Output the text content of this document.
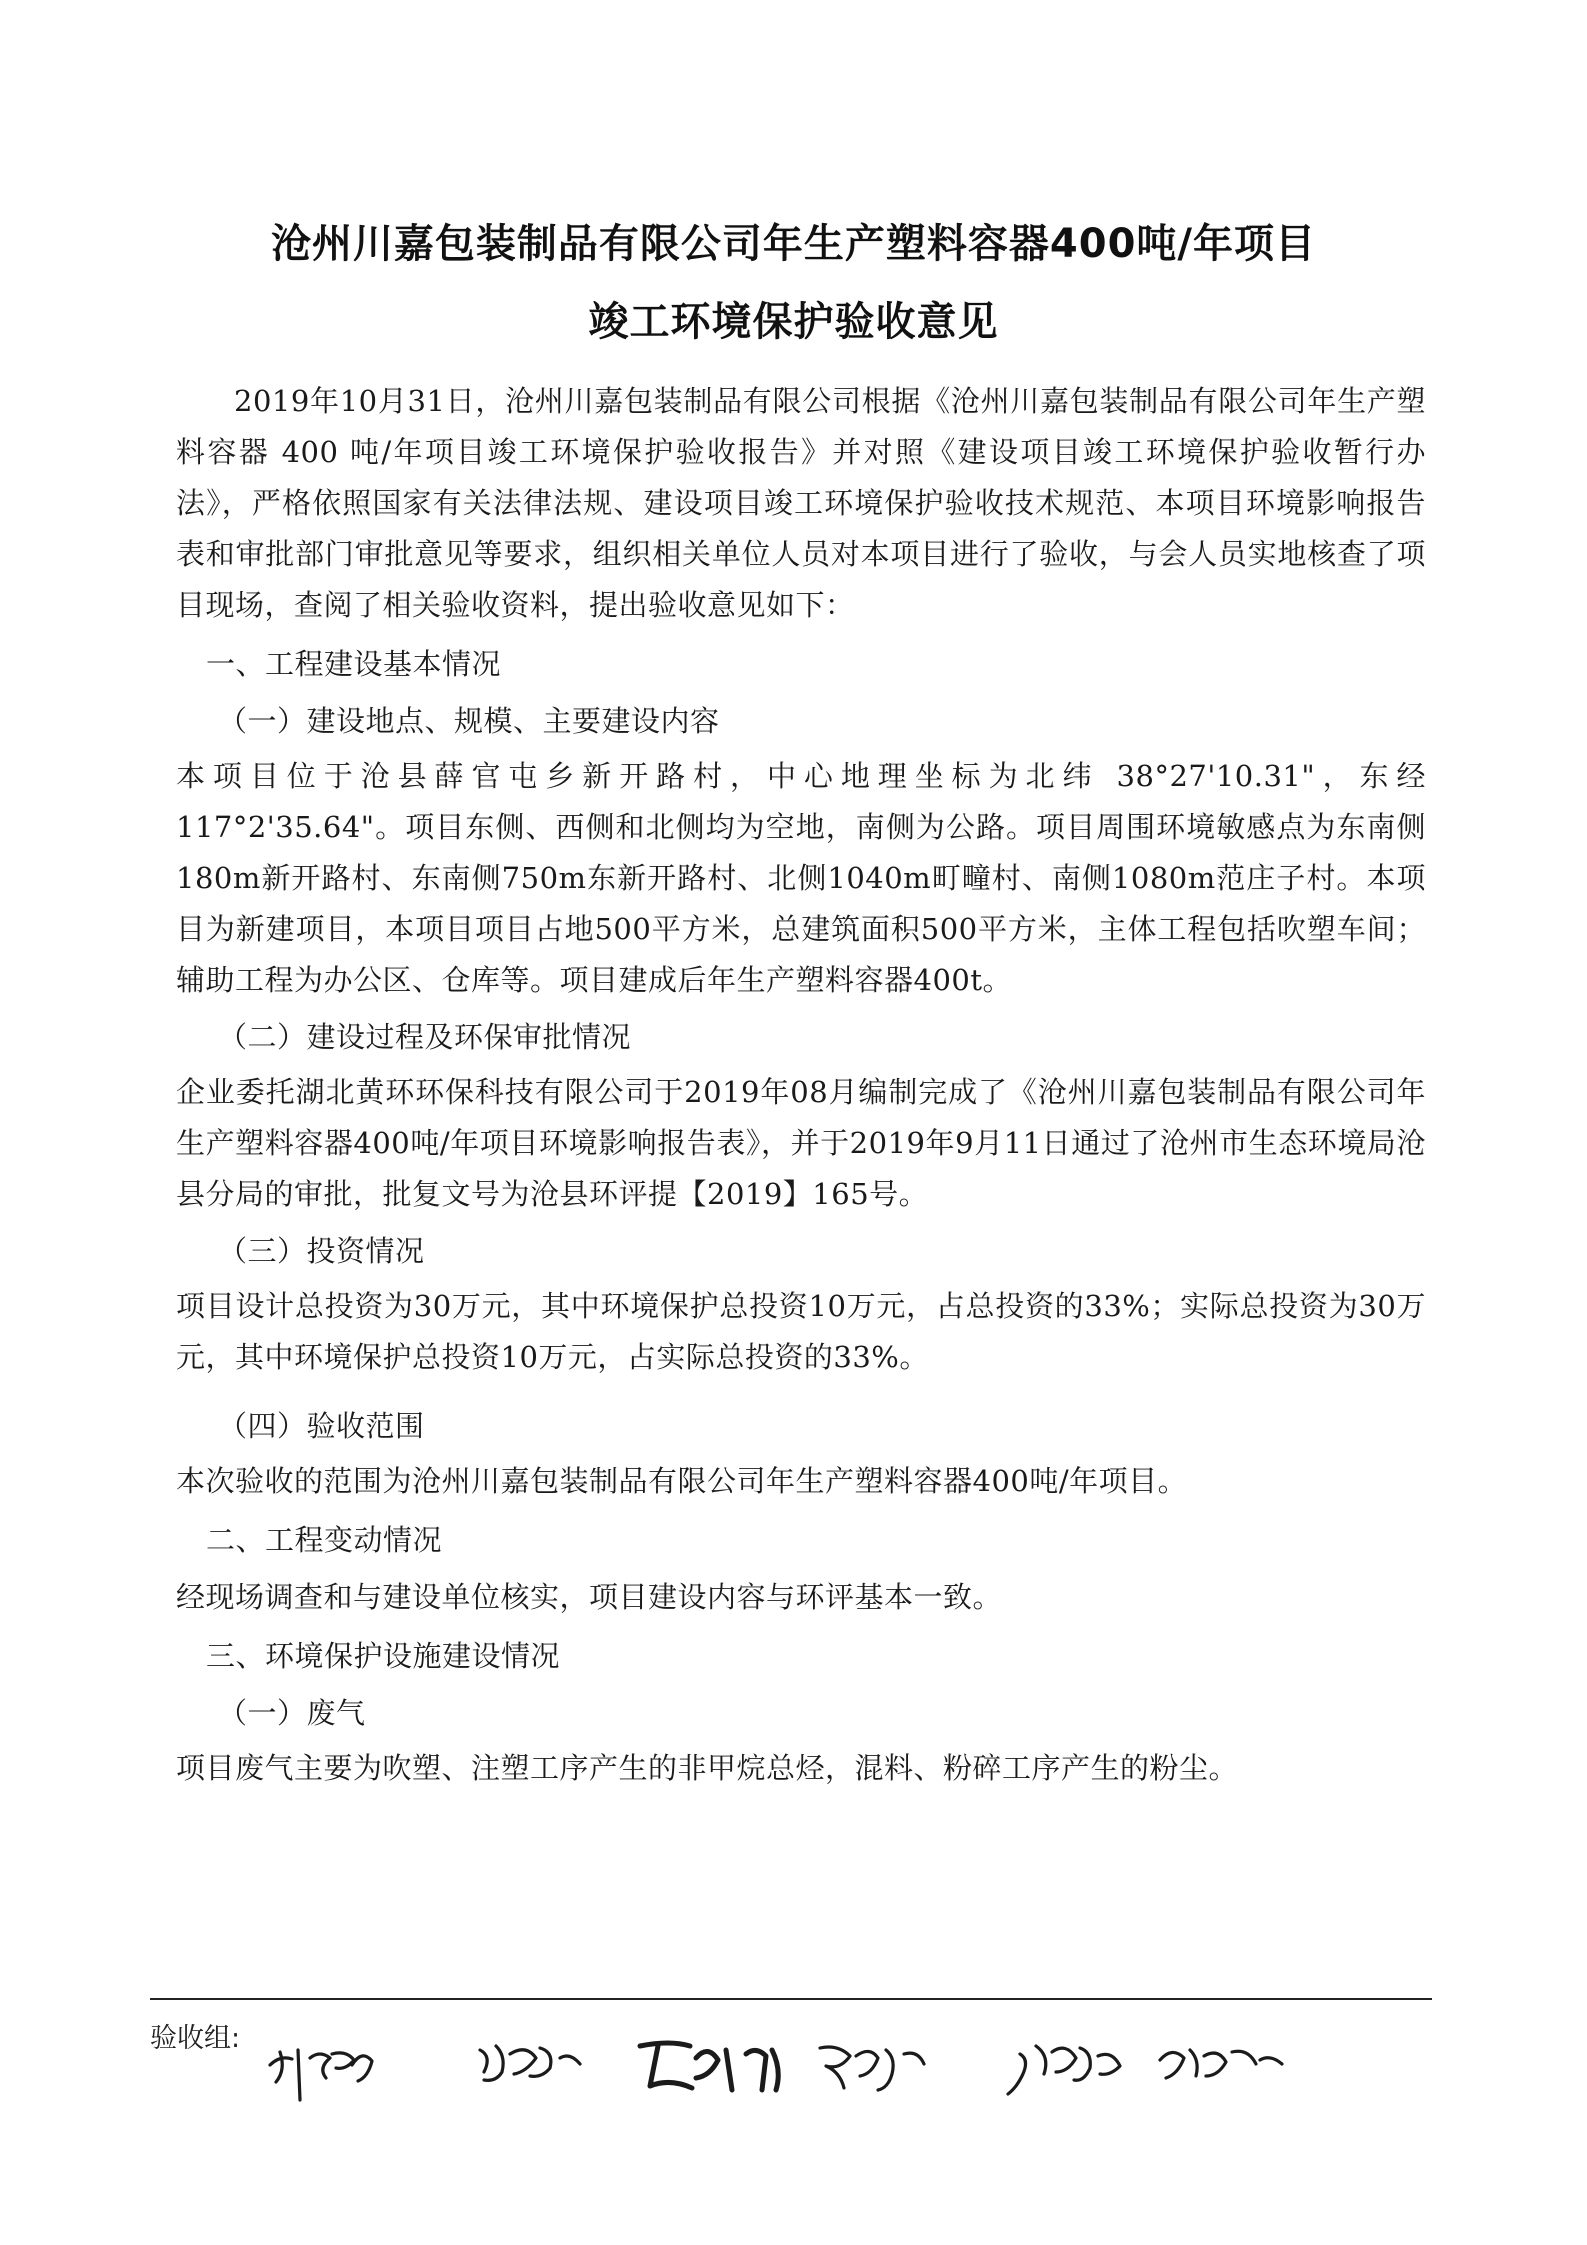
沧州川嘉包装制品有限公司年生产塑料容器400吨/年项目
竣工环境保护验收意见

2019年10月31日，沧州川嘉包装制品有限公司根据《沧州川嘉包装制品有限公司年生产塑料容器 400 吨/年项目竣工环境保护验收报告》并对照《建设项目竣工环境保护验收暂行办法》，严格依照国家有关法律法规、建设项目竣工环境保护验收技术规范、本项目环境影响报告表和审批部门审批意见等要求，组织相关单位人员对本项目进行了验收，与会人员实地核查了项目现场，查阅了相关验收资料，提出验收意见如下：

一、工程建设基本情况
（一）建设地点、规模、主要建设内容

本项目位于沧县薛官屯乡新开路村，中心地理坐标为北纬 38°27'10.31"，东经117°2'35.64"。项目东侧、西侧和北侧均为空地，南侧为公路。项目周围环境敏感点为东南侧180m新开路村、东南侧750m东新开路村、北侧1040m町疃村、南侧1080m范庄子村。本项目为新建项目，本项目项目占地500平方米，总建筑面积500平方米，主体工程包括吹塑车间；辅助工程为办公区、仓库等。项目建成后年生产塑料容器400t。

（二）建设过程及环保审批情况

企业委托湖北黄环环保科技有限公司于2019年08月编制完成了《沧州川嘉包装制品有限公司年生产塑料容器400吨/年项目环境影响报告表》，并于2019年9月11日通过了沧州市生态环境局沧县分局的审批，批复文号为沧县环评提【2019】165号。

（三）投资情况

项目设计总投资为30万元，其中环境保护总投资10万元，占总投资的33%；实际总投资为30万元，其中环境保护总投资10万元，占实际总投资的33%。

（四）验收范围

本次验收的范围为沧州川嘉包装制品有限公司年生产塑料容器400吨/年项目。

二、工程变动情况

经现场调查和与建设单位核实，项目建设内容与环评基本一致。

三、环境保护设施建设情况
（一）废气

项目废气主要为吹塑、注塑工序产生的非甲烷总烃，混料、粉碎工序产生的粉尘。

验收组:
